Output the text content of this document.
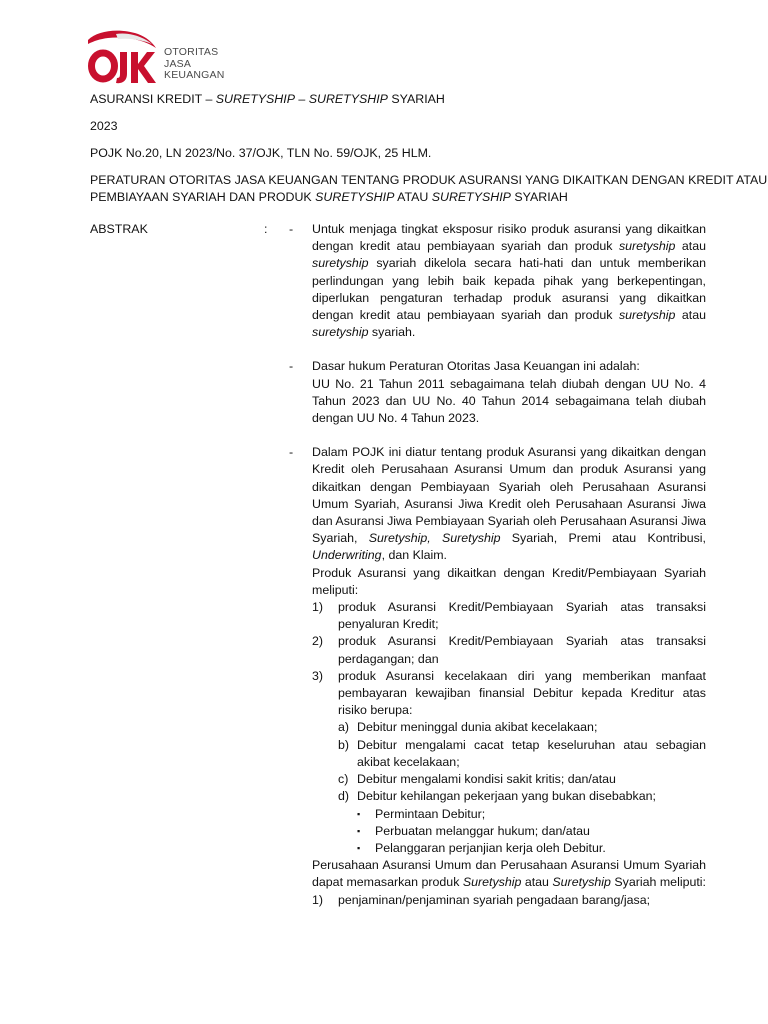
OTORITAS
JASA
KEUANGAN

ASURANSI KREDIT – SURETYSHIP – SURETYSHIP SYARIAH

2023

POJK No.20, LN 2023/No. 37/OJK, TLN No. 59/OJK, 25 HLM.

PERATURAN OTORITAS JASA KEUANGAN TENTANG PRODUK ASURANSI YANG DIKAITKAN DENGAN KREDIT ATAU

PEMBIAYAAN SYARIAH DAN PRODUK SURETYSHIP ATAU SURETYSHIP SYARIAH

ABSTRAK	: - Untuk menjaga tingkat eksposur risiko produk asuransi yang dikaitkan dengan kredit atau pembiayaan syariah dan produk suretyship atau suretyship syariah dikelola secara hati-hati dan untuk memberikan perlindungan yang lebih baik kepada pihak yang berkepentingan, diperlukan pengaturan terhadap produk asuransi yang dikaitkan dengan kredit atau pembiayaan syariah dan produk suretyship atau suretyship syariah.
- Dasar hukum Peraturan Otoritas Jasa Keuangan ini adalah:
UU No. 21 Tahun 2011 sebagaimana telah diubah dengan UU No. 4 Tahun 2023 dan UU No. 40 Tahun 2014 sebagaimana telah diubah dengan UU No. 4 Tahun 2023.
- Dalam POJK ini diatur tentang produk Asuransi yang dikaitkan dengan Kredit oleh Perusahaan Asuransi Umum dan produk Asuransi yang dikaitkan dengan Pembiayaan Syariah oleh Perusahaan Asuransi Umum Syariah, Asuransi Jiwa Kredit oleh Perusahaan Asuransi Jiwa dan Asuransi Jiwa Pembiayaan Syariah oleh Perusahaan Asuransi Jiwa Syariah, Suretyship, Suretyship Syariah, Premi atau Kontribusi, Underwriting, dan Klaim.
Produk Asuransi yang dikaitkan dengan Kredit/Pembiayaan Syariah meliputi:
1) produk Asuransi Kredit/Pembiayaan Syariah atas transaksi penyaluran Kredit;
2) produk Asuransi Kredit/Pembiayaan Syariah atas transaksi perdagangan; dan
3) produk Asuransi kecelakaan diri yang memberikan manfaat pembayaran kewajiban finansial Debitur kepada Kreditur atas risiko berupa:
a) Debitur meninggal dunia akibat kecelakaan;
b) Debitur mengalami cacat tetap keseluruhan atau sebagian akibat kecelakaan;
c) Debitur mengalami kondisi sakit kritis; dan/atau
d) Debitur kehilangan pekerjaan yang bukan disebabkan;
▪ Permintaan Debitur;
▪ Perbuatan melanggar hukum; dan/atau
▪ Pelanggaran perjanjian kerja oleh Debitur.
Perusahaan Asuransi Umum dan Perusahaan Asuransi Umum Syariah dapat memasarkan produk Suretyship atau Suretyship Syariah meliputi:
1) penjaminan/penjaminan syariah pengadaan barang/jasa;
